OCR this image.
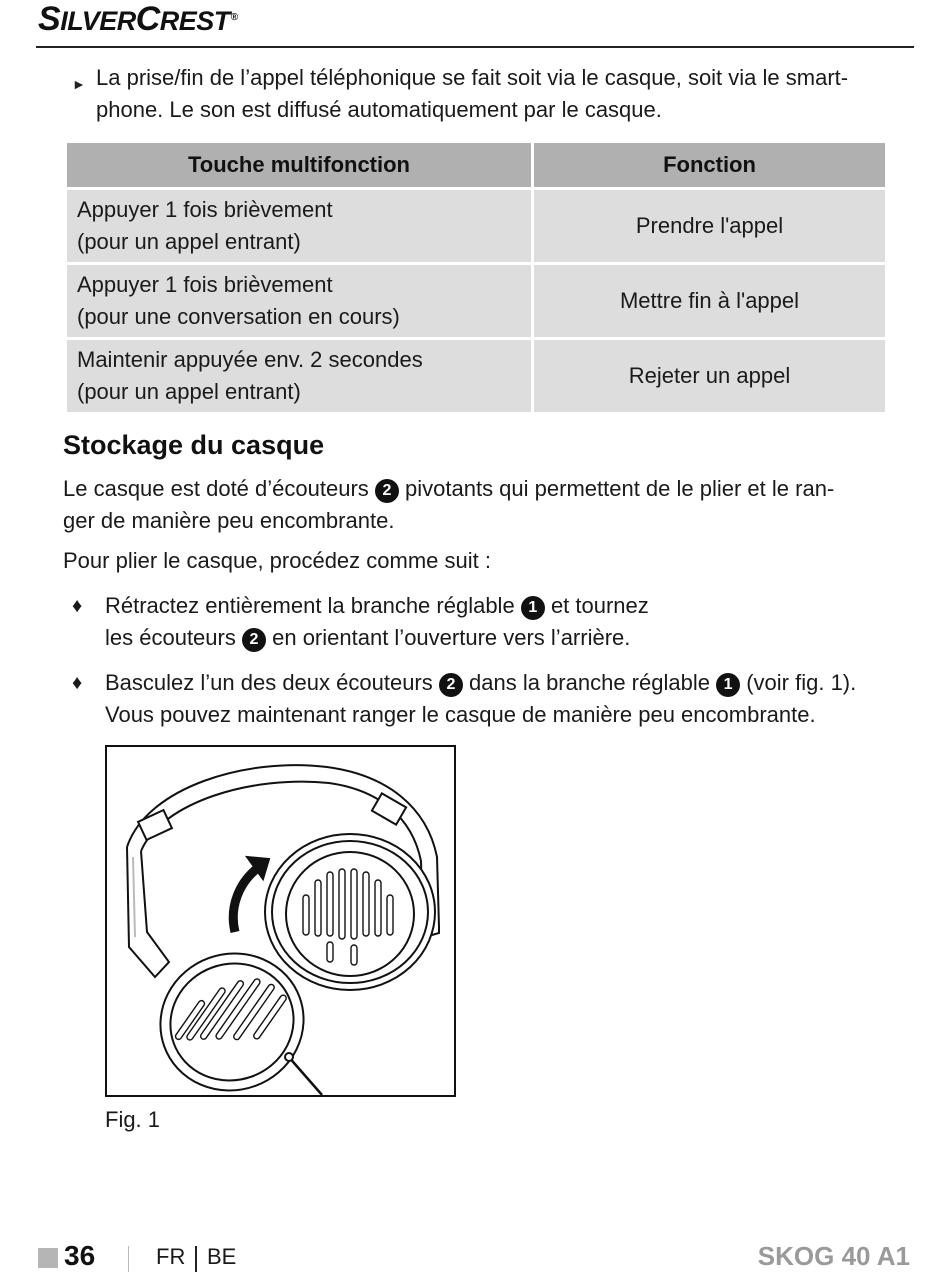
SILVERCREST®
► La prise/fin de l’appel téléphonique se fait soit via le casque, soit via le smart-phone. Le son est diffusé automatiquement par le casque.
Touche multifonction	Fonction

Appuyer 1 fois brièvement
(pour un appel entrant)	Prendre l'appel

Appuyer 1 fois brièvement
(pour une conversation en cours)	Mettre fin à l'appel

Maintenir appuyée env. 2 secondes
(pour un appel entrant)	Rejeter un appel
Stockage du casque
Le casque est doté d’écouteurs 2 pivotants qui permettent de le plier et le ran-
ger de manière peu encombrante.
Pour plier le casque, procédez comme suit :
♦	Rétractez entièrement la branche réglable 1 et tournez
les écouteurs 2 en orientant l’ouverture vers l’arrière.
♦	Basculez l’un des deux écouteurs 2 dans la branche réglable 1 (voir fig. 1).
Vous pouvez maintenant ranger le casque de manière peu encombrante.
Fig. 1
36	FR BE	SKOG 40 A1
